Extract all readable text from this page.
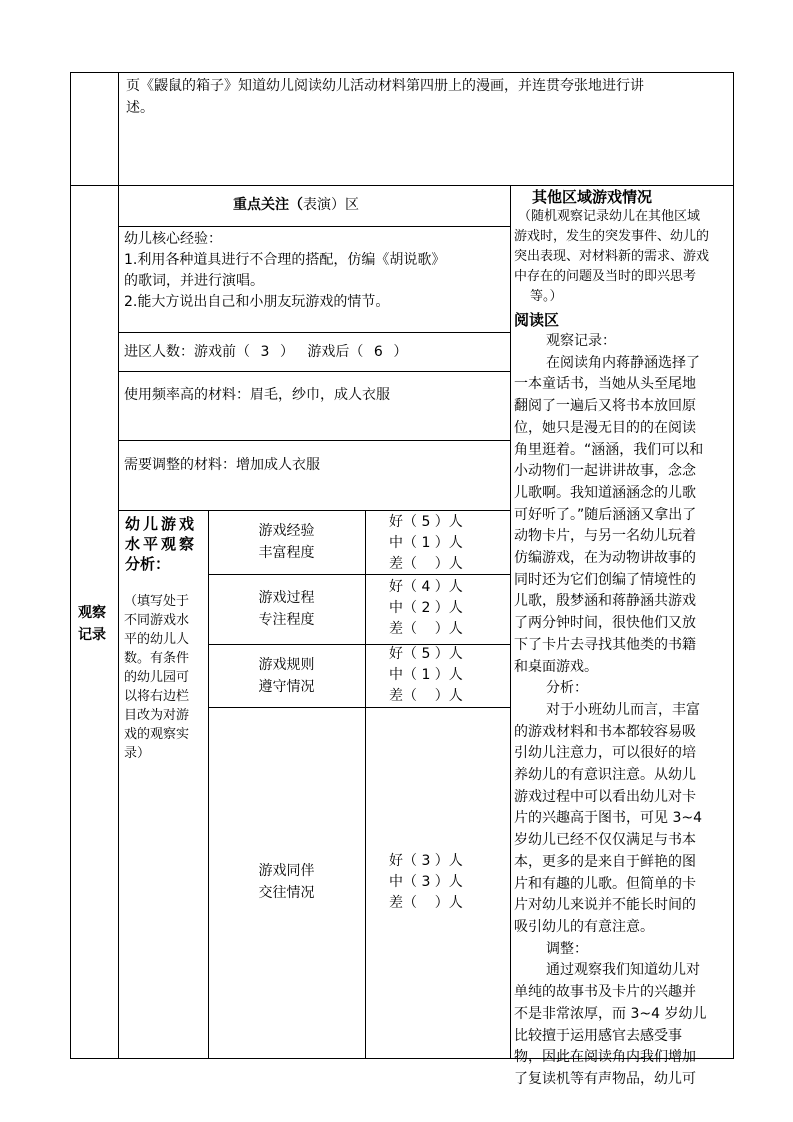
页《鼹鼠的箱子》知道幼儿阅读幼儿活动材料第四册上的漫画，并连贯夸张地进行讲
述。
观察
记录
重点关注（表演）区
幼儿核心经验：
1.利用各种道具进行不合理的搭配，仿编《胡说歌》
的歌词，并进行演唱。
2.能大方说出自己和小朋友玩游戏的情节。
进区人数：游戏前（ 3 ）   游戏后（ 6 ）
使用频率高的材料：眉毛，纱巾，成人衣服
需要调整的材料：增加成人衣服
幼儿游戏
水平观察
分析：
（填写处于
不同游戏水
平的幼儿人
数。有条件
的幼儿园可
以将右边栏
目改为对游
戏的观察实
录）
游戏经验
丰富程度
好（ 5 ）人
中（ 1 ）人
差（    ）人
游戏过程
专注程度
好（ 4 ）人
中（ 2 ）人
差（    ）人
游戏规则
遵守情况
好（ 5 ）人
中（ 1 ）人
差（    ）人
游戏同伴
交往情况
好（ 3 ）人
中（ 3 ）人
差（    ）人
其他区域游戏情况
（随机观察记录幼儿在其他区域
游戏时，发生的突发事件、幼儿的
突出表现、对材料新的需求、游戏
中存在的问题及当时的即兴思考
等。）
阅读区
观察记录：
在阅读角内蒋静涵选择了
一本童话书，当她从头至尾地
翻阅了一遍后又将书本放回原
位，她只是漫无目的的在阅读
角里逛着。“涵涵，我们可以和
小动物们一起讲讲故事，念念
儿歌啊。我知道涵涵念的儿歌
可好听了。”随后涵涵又拿出了
动物卡片，与另一名幼儿玩着
仿编游戏，在为动物讲故事的
同时还为它们创编了情境性的
儿歌，殷梦涵和蒋静涵共游戏
了两分钟时间，很快他们又放
下了卡片去寻找其他类的书籍
和桌面游戏。
分析：
对于小班幼儿而言，丰富
的游戏材料和书本都较容易吸
引幼儿注意力，可以很好的培
养幼儿的有意识注意。从幼儿
游戏过程中可以看出幼儿对卡
片的兴趣高于图书，可见 3~4
岁幼儿已经不仅仅满足与书本
本，更多的是来自于鲜艳的图
片和有趣的儿歌。但简单的卡
片对幼儿来说并不能长时间的
吸引幼儿的有意注意。
调整：
通过观察我们知道幼儿对
单纯的故事书及卡片的兴趣并
不是非常浓厚，而 3~4 岁幼儿
比较擅于运用感官去感受事
物，因此在阅读角内我们增加
了复读机等有声物品，幼儿可
